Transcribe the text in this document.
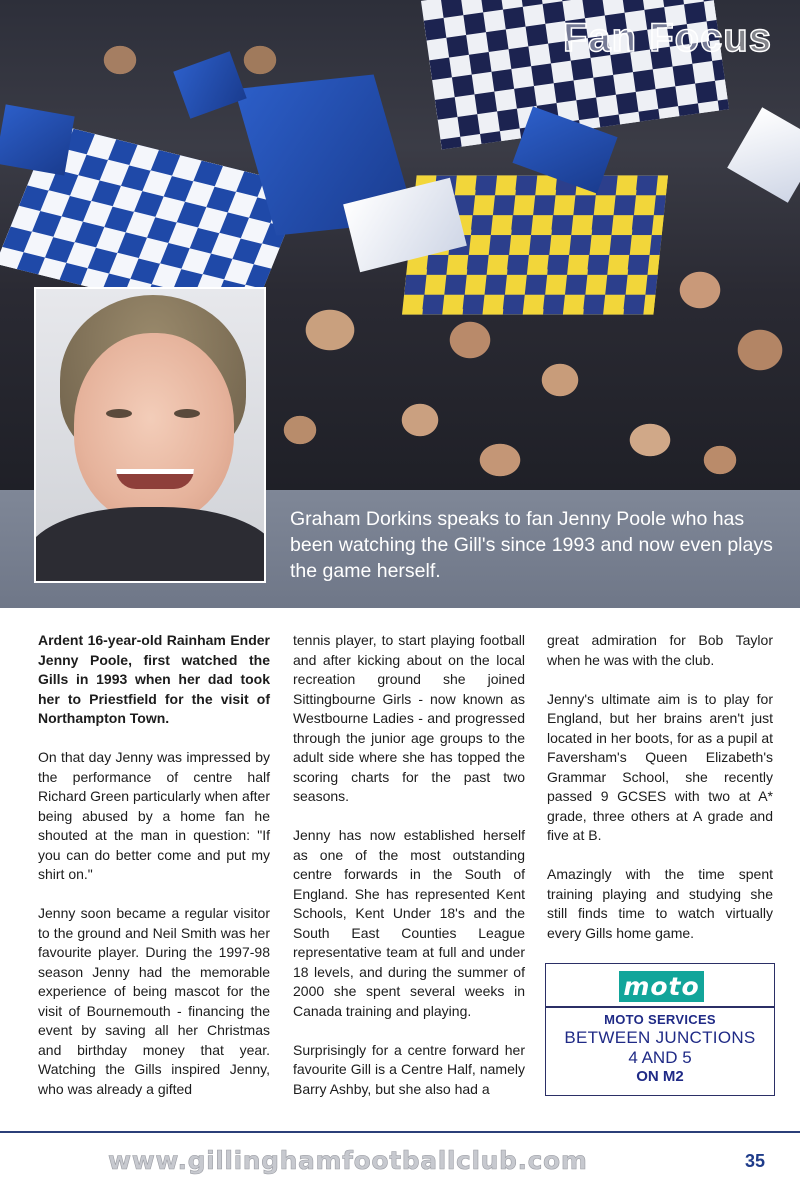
Fan Focus
Graham Dorkins speaks to fan Jenny Poole who has been watching the Gill's since 1993 and now even plays the game herself.

Ardent 16-year-old Rainham Ender Jenny Poole, first watched the Gills in 1993 when her dad took her to Priestfield for the visit of Northampton Town.

On that day Jenny was impressed by the performance of centre half Richard Green particularly when after being abused by a home fan he shouted at the man in question: "If you can do better come and put my shirt on."

Jenny soon became a regular visitor to the ground and Neil Smith was her favourite player. During the 1997-98 season Jenny had the memorable experience of being mascot for the visit of Bournemouth - financing the event by saving all her Christmas and birthday money that year. Watching the Gills inspired Jenny, who was already a gifted

tennis player, to start playing football and after kicking about on the local recreation ground she joined Sittingbourne Girls - now known as Westbourne Ladies - and progressed through the junior age groups to the adult side where she has topped the scoring charts for the past two seasons.

Jenny has now established herself as one of the most outstanding centre forwards in the South of England. She has represented Kent Schools, Kent Under 18's and the South East Counties League representative team at full and under 18 levels, and during the summer of 2000 she spent several weeks in Canada training and playing.

Surprisingly for a centre forward her favourite Gill is a Centre Half, namely Barry Ashby, but she also had a

great admiration for Bob Taylor when he was with the club.

Jenny's ultimate aim is to play for England, but her brains aren't just located in her boots, for as a pupil at Faversham's Queen Elizabeth's Grammar School, she recently passed 9 GCSES with two at A* grade, three others at A grade and five at B.

Amazingly with the time spent training playing and studying she still finds time to watch virtually every Gills home game.

moto
MOTO SERVICES
BETWEEN JUNCTIONS
4 AND 5
ON M2
www.gillinghamfootballclub.com	35
